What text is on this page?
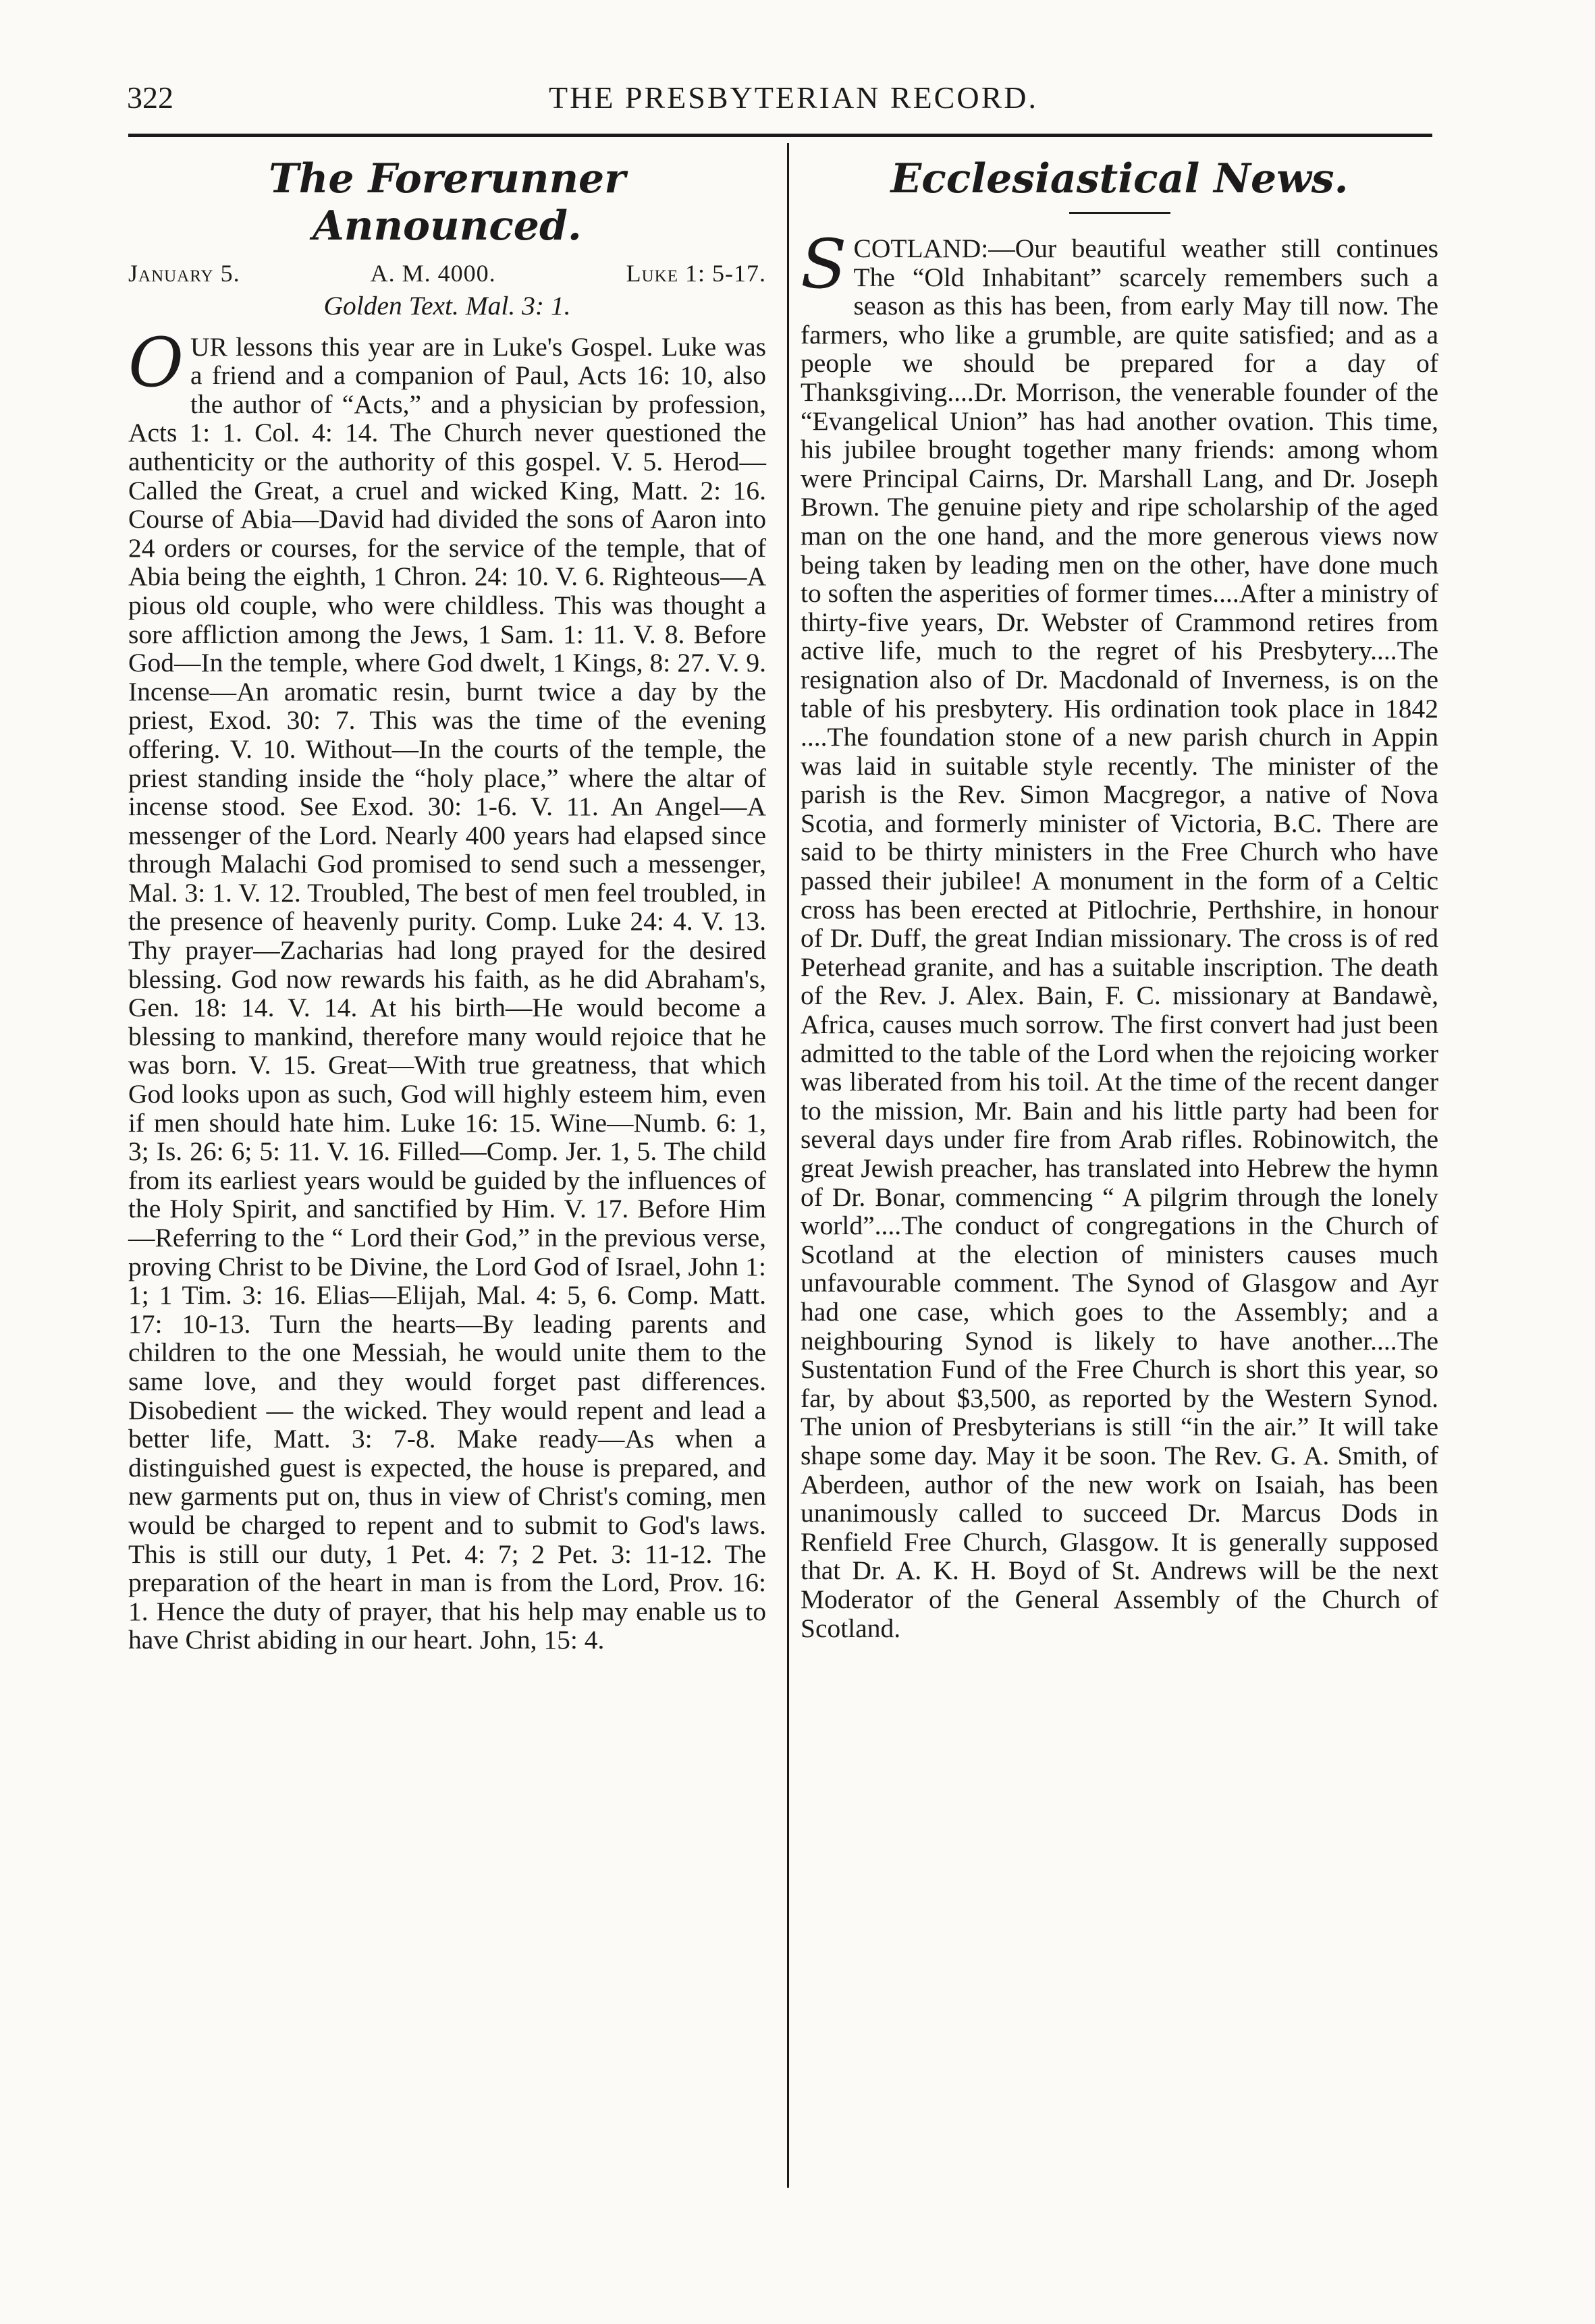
322	THE PRESBYTERIAN RECORD.
The Forerunner Announced.
January 5.	A. M. 4000.	Luke 1: 5-17.
Golden Text. Mal. 3: 1.

O UR lessons this year are in Luke's Gospel. Luke was a friend and a companion of Paul, Acts 16: 10, also the author of “Acts,” and a physician by profession, Acts 1: 1. Col. 4: 14. The Church never questioned the authenticity or the authority of this gospel. V. 5. Herod—Called the Great, a cruel and wicked King, Matt. 2: 16. Course of Abia—David had divided the sons of Aaron into 24 orders or courses, for the service of the temple, that of Abia being the eighth, 1 Chron. 24: 10. V. 6. Righteous—A pious old couple, who were childless. This was thought a sore affliction among the Jews, 1 Sam. 1: 11. V. 8. Before God—In the temple, where God dwelt, 1 Kings, 8: 27. V. 9. Incense—An aromatic resin, burnt twice a day by the priest, Exod. 30: 7. This was the time of the evening offering. V. 10. Without—In the courts of the temple, the priest standing inside the “holy place,” where the altar of incense stood. See Exod. 30: 1-6. V. 11. An Angel—A messenger of the Lord. Nearly 400 years had elapsed since through Malachi God promised to send such a messenger, Mal. 3: 1. V. 12. Troubled, The best of men feel troubled, in the presence of heavenly purity. Comp. Luke 24: 4. V. 13. Thy prayer—Zacharias had long prayed for the desired blessing. God now rewards his faith, as he did Abraham's, Gen. 18: 14. V. 14. At his birth—He would become a blessing to mankind, therefore many would rejoice that he was born. V. 15. Great—With true greatness, that which God looks upon as such, God will highly esteem him, even if men should hate him. Luke 16: 15. Wine—Numb. 6: 1, 3; Is. 26: 6; 5: 11. V. 16. Filled—Comp. Jer. 1, 5. The child from its earliest years would be guided by the influences of the Holy Spirit, and sanctified by Him. V. 17. Before Him—Referring to the “ Lord their God,” in the previous verse, proving Christ to be Divine, the Lord God of Israel, John 1: 1; 1 Tim. 3: 16. Elias—Elijah, Mal. 4: 5, 6. Comp. Matt. 17: 10-13. Turn the hearts—By leading parents and children to the one Messiah, he would unite them to the same love, and they would forget past differences. Disobedient — the wicked. They would repent and lead a better life, Matt. 3: 7-8. Make ready—As when a distinguished guest is expected, the house is prepared, and new garments put on, thus in view of Christ's coming, men would be charged to repent and to submit to God's laws. This is still our duty, 1 Pet. 4: 7; 2 Pet. 3: 11-12. The preparation of the heart in man is from the Lord, Prov. 16: 1. Hence the duty of prayer, that his help may enable us to have Christ abiding in our heart. John, 15: 4.

Ecclesiastical News.

S COTLAND:—Our beautiful weather still continues The “Old Inhabitant” scarcely remembers such a season as this has been, from early May till now. The farmers, who like a grumble, are quite satisfied; and as a people we should be prepared for a day of Thanksgiving....Dr. Morrison, the venerable founder of the “Evangelical Union” has had another ovation. This time, his jubilee brought together many friends: among whom were Principal Cairns, Dr. Marshall Lang, and Dr. Joseph Brown. The genuine piety and ripe scholarship of the aged man on the one hand, and the more generous views now being taken by leading men on the other, have done much to soften the asperities of former times....After a ministry of thirty-five years, Dr. Webster of Crammond retires from active life, much to the regret of his Presbytery....The resignation also of Dr. Macdonald of Inverness, is on the table of his presbytery. His ordination took place in 1842 ....The foundation stone of a new parish church in Appin was laid in suitable style recently. The minister of the parish is the Rev. Simon Macgregor, a native of Nova Scotia, and formerly minister of Victoria, B.C. There are said to be thirty ministers in the Free Church who have passed their jubilee! A monument in the form of a Celtic cross has been erected at Pitlochrie, Perthshire, in honour of Dr. Duff, the great Indian missionary. The cross is of red Peterhead granite, and has a suitable inscription. The death of the Rev. J. Alex. Bain, F. C. missionary at Bandawè, Africa, causes much sorrow. The first convert had just been admitted to the table of the Lord when the rejoicing worker was liberated from his toil. At the time of the recent danger to the mission, Mr. Bain and his little party had been for several days under fire from Arab rifles. Robinowitch, the great Jewish preacher, has translated into Hebrew the hymn of Dr. Bonar, commencing “ A pilgrim through the lonely world”....The conduct of congregations in the Church of Scotland at the election of ministers causes much unfavourable comment. The Synod of Glasgow and Ayr had one case, which goes to the Assembly; and a neighbouring Synod is likely to have another....The Sustentation Fund of the Free Church is short this year, so far, by about $3,500, as reported by the Western Synod. The union of Presbyterians is still “in the air.” It will take shape some day. May it be soon. The Rev. G. A. Smith, of Aberdeen, author of the new work on Isaiah, has been unanimously called to succeed Dr. Marcus Dods in Renfield Free Church, Glasgow. It is generally supposed that Dr. A. K. H. Boyd of St. Andrews will be the next Moderator of the General Assembly of the Church of Scotland.
